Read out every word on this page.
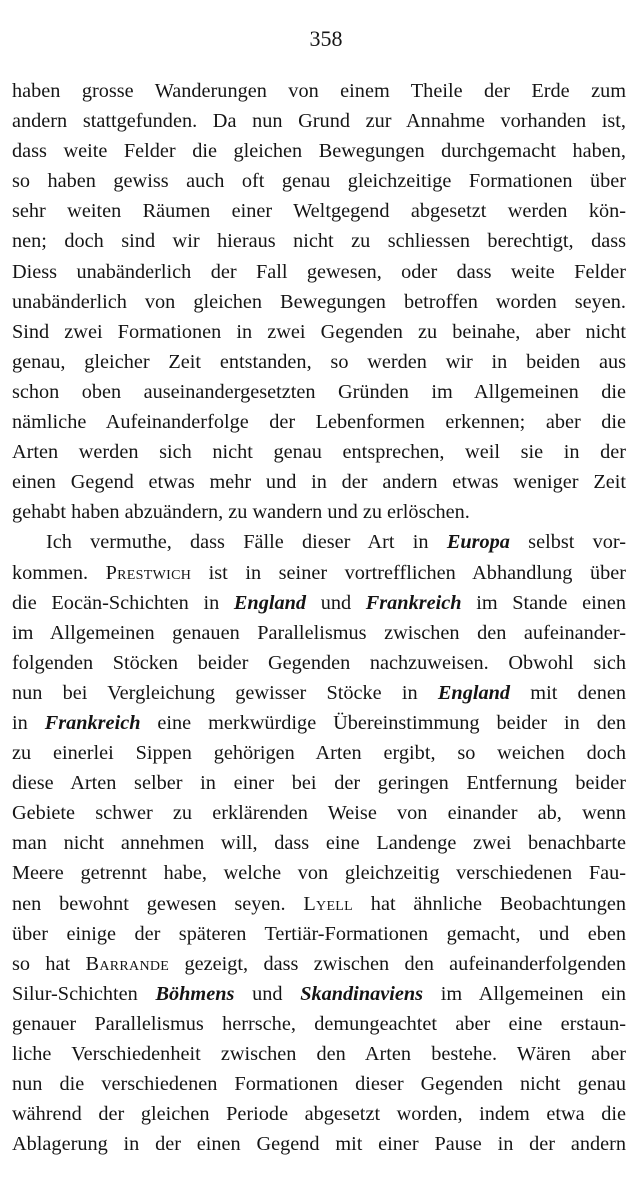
358
haben grosse Wanderungen von einem Theile der Erde zum
andern stattgefunden. Da nun Grund zur Annahme vorhanden ist,
dass weite Felder die gleichen Bewegungen durchgemacht haben,
so haben gewiss auch oft genau gleichzeitige Formationen über
sehr weiten Räumen einer Weltgegend abgesetzt werden kön-
nen; doch sind wir hieraus nicht zu schliessen berechtigt, dass
Diess unabänderlich der Fall gewesen, oder dass weite Felder
unabänderlich von gleichen Bewegungen betroffen worden seyen.
Sind zwei Formationen in zwei Gegenden zu beinahe, aber nicht
genau, gleicher Zeit entstanden, so werden wir in beiden aus
schon oben auseinandergesetzten Gründen im Allgemeinen die
nämliche Aufeinanderfolge der Lebenformen erkennen; aber die
Arten werden sich nicht genau entsprechen, weil sie in der
einen Gegend etwas mehr und in der andern etwas weniger Zeit
gehabt haben abzuändern, zu wandern und zu erlöschen.
Ich vermuthe, dass Fälle dieser Art in Europa selbst vor-
kommen. Prestwich ist in seiner vortrefflichen Abhandlung über
die Eocän-Schichten in England und Frankreich im Stande einen
im Allgemeinen genauen Parallelismus zwischen den aufeinander-
folgenden Stöcken beider Gegenden nachzuweisen. Obwohl sich
nun bei Vergleichung gewisser Stöcke in England mit denen
in Frankreich eine merkwürdige Übereinstimmung beider in den
zu einerlei Sippen gehörigen Arten ergibt, so weichen doch
diese Arten selber in einer bei der geringen Entfernung beider
Gebiete schwer zu erklärenden Weise von einander ab, wenn
man nicht annehmen will, dass eine Landenge zwei benachbarte
Meere getrennt habe, welche von gleichzeitig verschiedenen Fau-
nen bewohnt gewesen seyen. Lyell hat ähnliche Beobachtungen
über einige der späteren Tertiär-Formationen gemacht, und eben
so hat Barrande gezeigt, dass zwischen den aufeinanderfolgenden
Silur-Schichten Böhmens und Skandinaviens im Allgemeinen ein
genauer Parallelismus herrsche, demungeachtet aber eine erstaun-
liche Verschiedenheit zwischen den Arten bestehe. Wären aber
nun die verschiedenen Formationen dieser Gegenden nicht genau
während der gleichen Periode abgesetzt worden, indem etwa die
Ablagerung in der einen Gegend mit einer Pause in der andern
